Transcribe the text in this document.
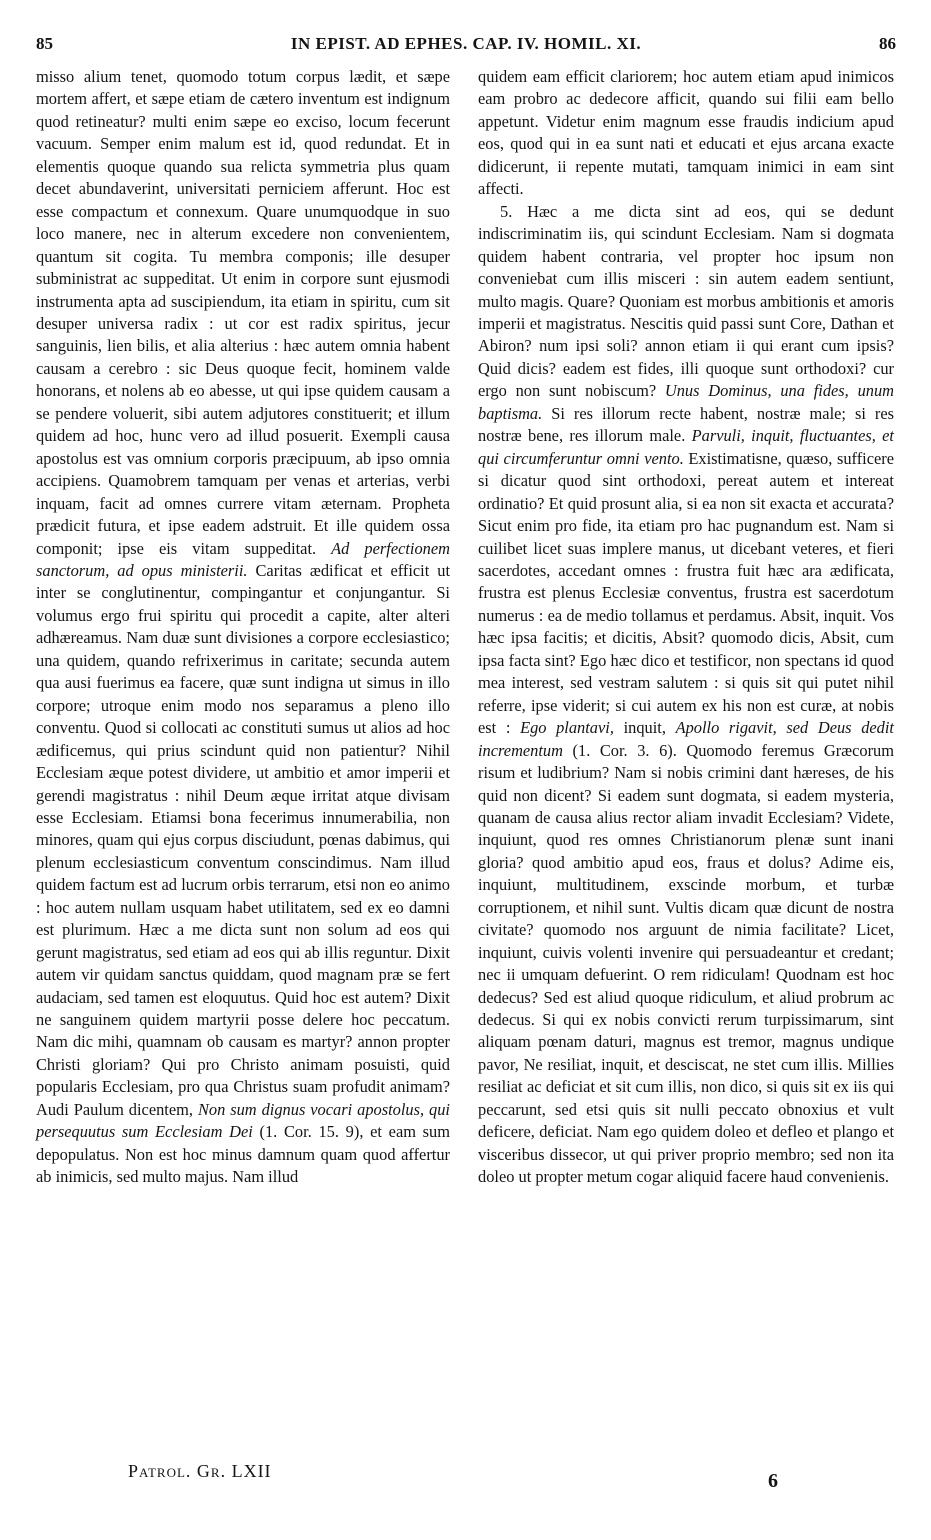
85	IN EPIST. AD EPHES. CAP. IV. HOMIL. XI.	86

misso alium tenet, quomodo totum corpus lædit, et sæpe mortem affert, et sæpe etiam de cætero inventum est indignum quod retineatur? multi enim sæpe eo exciso, locum fecerunt vacuum. Semper enim malum est id, quod redundat. Et in elementis quoque quando sua relicta symmetria plus quam decet abundaverint, universitati perniciem afferunt. Hoc est esse compactum et connexum. Quare unumquodque in suo loco manere, nec in alterum excedere non convenientem, quantum sit cogita. Tu membra componis; ille desuper subministrat ac suppeditat. Ut enim in corpore sunt ejusmodi instrumenta apta ad suscipiendum, ita etiam in spiritu, cum sit desuper universa radix : ut cor est radix spiritus, jecur sanguinis, lien bilis, et alia alterius : hæc autem omnia habent causam a cerebro : sic Deus quoque fecit, hominem valde honorans, et nolens ab eo abesse, ut qui ipse quidem causam a se pendere voluerit, sibi autem adjutores constituerit; et illum quidem ad hoc, hunc vero ad illud posuerit. Exempli causa apostolus est vas omnium corporis præcipuum, ab ipso omnia accipiens. Quamobrem tamquam per venas et arterias, verbi inquam, facit ad omnes currere vitam æternam. Propheta prædicit futura, et ipse eadem adstruit. Et ille quidem ossa componit; ipse eis vitam suppeditat. Ad perfectionem sanctorum, ad opus ministerii. Caritas ædificat et efficit ut inter se conglutinentur, compingantur et conjungantur. Si volumus ergo frui spiritu qui procedit a capite, alter alteri adhæreamus. Nam duæ sunt divisiones a corpore ecclesiastico; una quidem, quando refrixerimus in caritate; secunda autem qua ausi fuerimus ea facere, quæ sunt indigna ut simus in illo corpore; utroque enim modo nos separamus a pleno illo conventu. Quod si collocati ac constituti sumus ut alios ad hoc ædificemus, qui prius scindunt quid non patientur? Nihil Ecclesiam æque potest dividere, ut ambitio et amor imperii et gerendi magistratus : nihil Deum æque irritat atque divisam esse Ecclesiam. Etiamsi bona fecerimus innumerabilia, non minores, quam qui ejus corpus disciudunt, pœnas dabimus, qui plenum ecclesiasticum conventum conscindimus. Nam illud quidem factum est ad lucrum orbis terrarum, etsi non eo animo : hoc autem nullam usquam habet utilitatem, sed ex eo damni est plurimum. Hæc a me dicta sunt non solum ad eos qui gerunt magistratus, sed etiam ad eos qui ab illis reguntur. Dixit autem vir quidam sanctus quiddam, quod magnam præ se fert audaciam, sed tamen est eloquutus. Quid hoc est autem? Dixit ne sanguinem quidem martyrii posse delere hoc peccatum. Nam dic mihi, quamnam ob causam es martyr? annon propter Christi gloriam? Qui pro Christo animam posuisti, quid popularis Ecclesiam, pro qua Christus suam profudit animam? Audi Paulum dicentem, Non sum dignus vocari apostolus, qui persequutus sum Ecclesiam Dei (1. Cor. 15. 9), et eam sum depopulatus. Non est hoc minus damnum quam quod affertur ab inimicis, sed multo majus. Nam illud

quidem eam efficit clariorem; hoc autem etiam apud inimicos eam probro ac dedecore afficit, quando sui filii eam bello appetunt. Videtur enim magnum esse fraudis indicium apud eos, quod qui in ea sunt nati et educati et ejus arcana exacte didicerunt, ii repente mutati, tamquam inimici in eam sint affecti.

5. Hæc a me dicta sint ad eos, qui se dedunt indiscriminatim iis, qui scindunt Ecclesiam. Nam si dogmata quidem habent contraria, vel propter hoc ipsum non conveniebat cum illis misceri : sin autem eadem sentiunt, multo magis. Quare? Quoniam est morbus ambitionis et amoris imperii et magistratus. Nescitis quid passi sunt Core, Dathan et Abiron? num ipsi soli? annon etiam ii qui erant cum ipsis? Quid dicis? eadem est fides, illi quoque sunt orthodoxi? cur ergo non sunt nobiscum? Unus Dominus, una fides, unum baptisma. Si res illorum recte habent, nostræ male; si res nostræ bene, res illorum male. Parvuli, inquit, fluctuantes, et qui circumferuntur omni vento. Existimatisne, quæso, sufficere si dicatur quod sint orthodoxi, pereat autem et intereat ordinatio? Et quid prosunt alia, si ea non sit exacta et accurata? Sicut enim pro fide, ita etiam pro hac pugnandum est. Nam si cuilibet licet suas implere manus, ut dicebant veteres, et fieri sacerdotes, accedant omnes : frustra fuit hæc ara ædificata, frustra est plenus Ecclesiæ conventus, frustra est sacerdotum numerus : ea de medio tollamus et perdamus. Absit, inquit. Vos hæc ipsa facitis; et dicitis, Absit? quomodo dicis, Absit, cum ipsa facta sint? Ego hæc dico et testificor, non spectans id quod mea interest, sed vestram salutem : si quis sit qui putet nihil referre, ipse viderit; si cui autem ex his non est curæ, at nobis est : Ego plantavi, inquit, Apollo rigavit, sed Deus dedit incrementum (1. Cor. 3. 6). Quomodo feremus Græcorum risum et ludibrium? Nam si nobis crimini dant hæreses, de his quid non dicent? Si eadem sunt dogmata, si eadem mysteria, quanam de causa alius rector aliam invadit Ecclesiam? Videte, inquiunt, quod res omnes Christianorum plenæ sunt inani gloria? quod ambitio apud eos, fraus et dolus? Adime eis, inquiunt, multitudinem, exscinde morbum, et turbæ corruptionem, et nihil sunt. Vultis dicam quæ dicunt de nostra civitate? quomodo nos arguunt de nimia facilitate? Licet, inquiunt, cuivis volenti invenire qui persuadeantur et credant; nec ii umquam defuerint. O rem ridiculam! Quodnam est hoc dedecus? Sed est aliud quoque ridiculum, et aliud probrum ac dedecus. Si qui ex nobis convicti rerum turpissimarum, sint aliquam pœnam daturi, magnus est tremor, magnus undique pavor, Ne resiliat, inquit, et desciscat, ne stet cum illis. Millies resiliat ac deficiat et sit cum illis, non dico, si quis sit ex iis qui peccarunt, sed etsi quis sit nulli peccato obnoxius et vult deficere, deficiat. Nam ego quidem doleo et defleo et plango et visceribus dissecor, ut qui priver proprio membro; sed non ita doleo ut propter metum cogar aliquid facere haud convenienis.

Patrol. Gr. LXII	6
